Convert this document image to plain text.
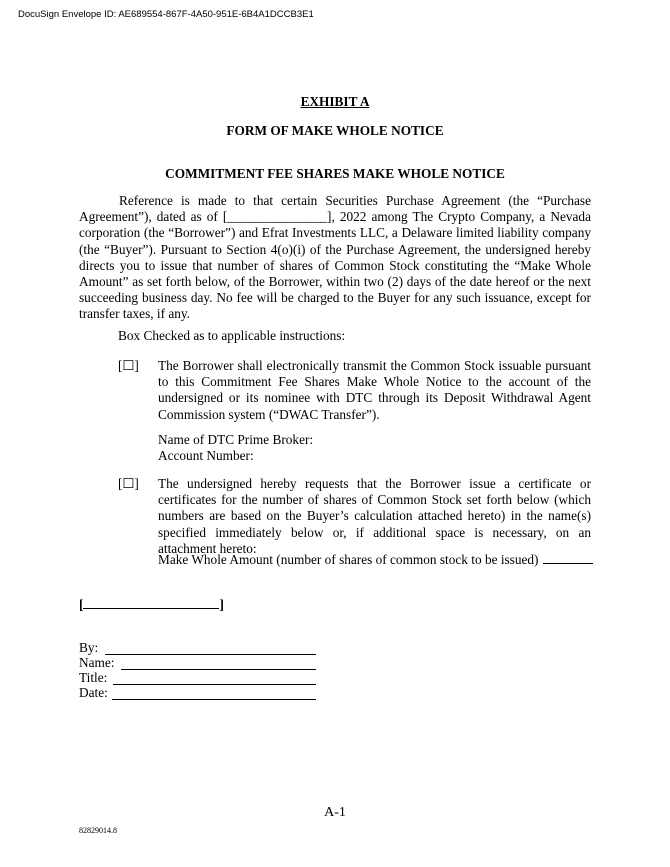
DocuSign Envelope ID: AE689554-867F-4A50-951E-6B4A1DCCB3E1
EXHIBIT A
FORM OF MAKE WHOLE NOTICE
COMMITMENT FEE SHARES MAKE WHOLE NOTICE
Reference is made to that certain Securities Purchase Agreement (the “Purchase Agreement”), dated as of [_______________], 2022 among The Crypto Company, a Nevada corporation (the “Borrower”) and Efrat Investments LLC, a Delaware limited liability company (the “Buyer”). Pursuant to Section 4(o)(i) of the Purchase Agreement, the undersigned hereby directs you to issue that number of shares of Common Stock constituting the “Make Whole Amount” as set forth below, of the Borrower, within two (2) days of the date hereof or the next succeeding business day. No fee will be charged to the Buyer for any such issuance, except for transfer taxes, if any.
Box Checked as to applicable instructions:
[☐] The Borrower shall electronically transmit the Common Stock issuable pursuant to this Commitment Fee Shares Make Whole Notice to the account of the undersigned or its nominee with DTC through its Deposit Withdrawal Agent Commission system (“DWAC Transfer”).
Name of DTC Prime Broker:
Account Number:
[☐] The undersigned hereby requests that the Borrower issue a certificate or certificates for the number of shares of Common Stock set forth below (which numbers are based on the Buyer’s calculation attached hereto) in the name(s) specified immediately below or, if additional space is necessary, on an attachment hereto:
Make Whole Amount (number of shares of common stock to be issued)
[	]
By:
Name:
Title:
Date:
A-1
82829014.8
